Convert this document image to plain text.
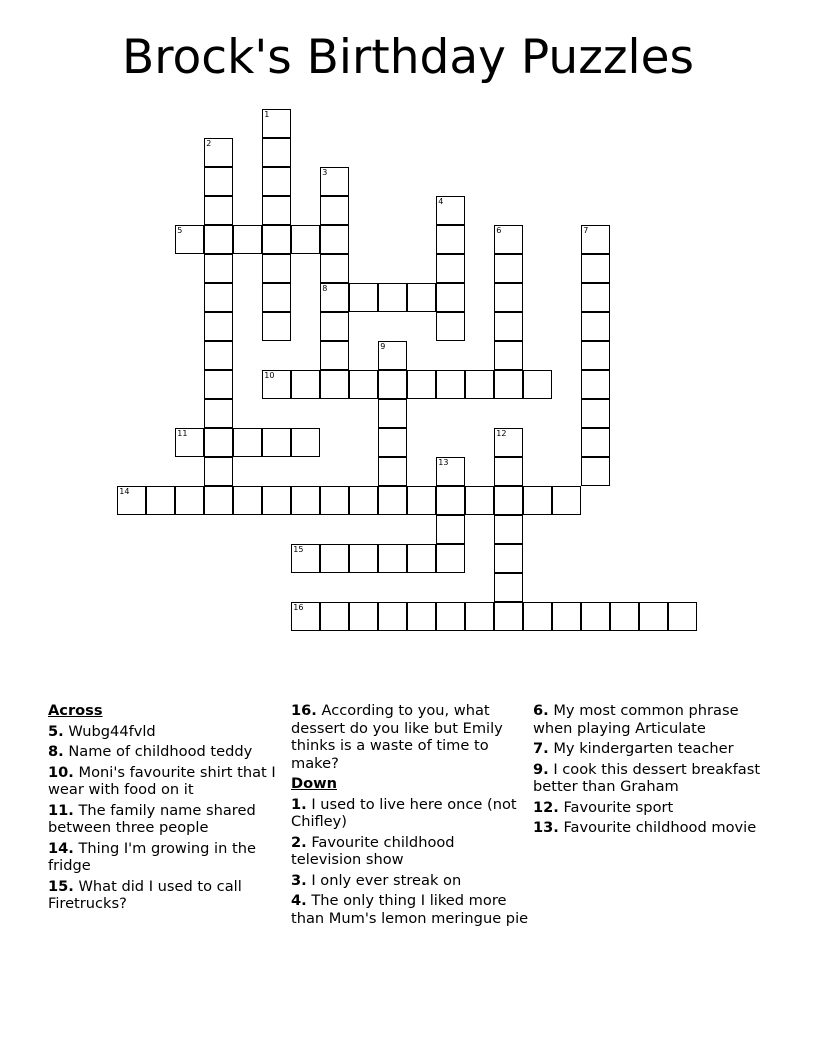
Brock's Birthday Puzzles
1
2
3
8
4
5	6	7
9
10
11	12
13
14
15
16
Across
5. Wubg44fvld
8. Name of childhood teddy
10. Moni's favourite shirt that I wear with food on it
11. The family name shared between three people
14. Thing I'm growing in the fridge
15. What did I used to call Firetrucks?
16. According to you, what dessert do you like but Emily thinks is a waste of time to make?
Down
1. I used to live here once (not Chifley)
2. Favourite childhood television show
3. I only ever streak on
4. The only thing I liked more than Mum's lemon meringue pie
6. My most common phrase when playing Articulate
7. My kindergarten teacher
9. I cook this dessert breakfast better than Graham
12. Favourite sport
13. Favourite childhood movie
